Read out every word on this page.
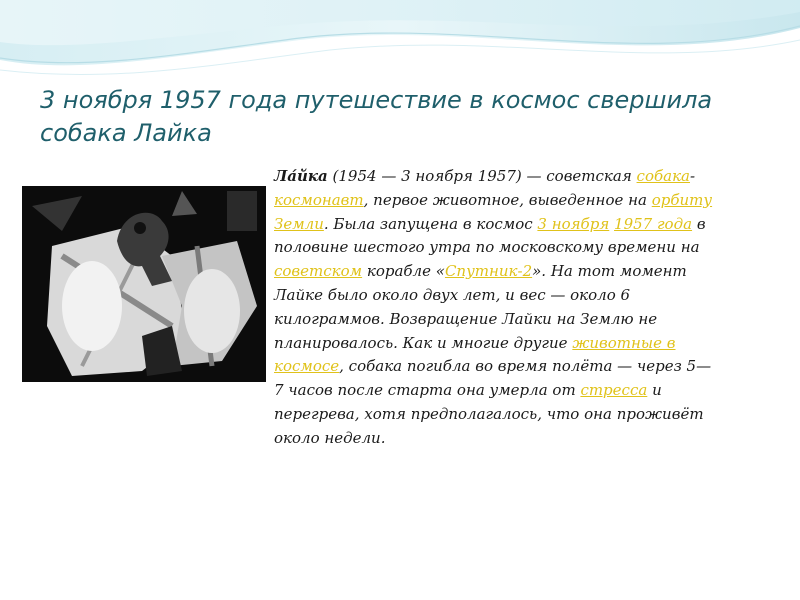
3 ноября 1957 года путешествие в космос свершила собака Лайка

Ла́йка (1954 — 3 ноября 1957) — советская собака-космонавт, первое животное, выведенное на орбиту Земли. Была запущена в космос 3 ноября 1957 года в половине шестого утра по московскому времени на советском корабле «Спутник-2». На тот момент Лайке было около двух лет, и вес — около 6 килограммов. Возвращение Лайки на Землю не планировалось. Как и многие другие животные в космосе, собака погибла во время полёта — через 5—7 часов после старта она умерла от стресса и перегрева, хотя предполагалось, что она проживёт около недели.
